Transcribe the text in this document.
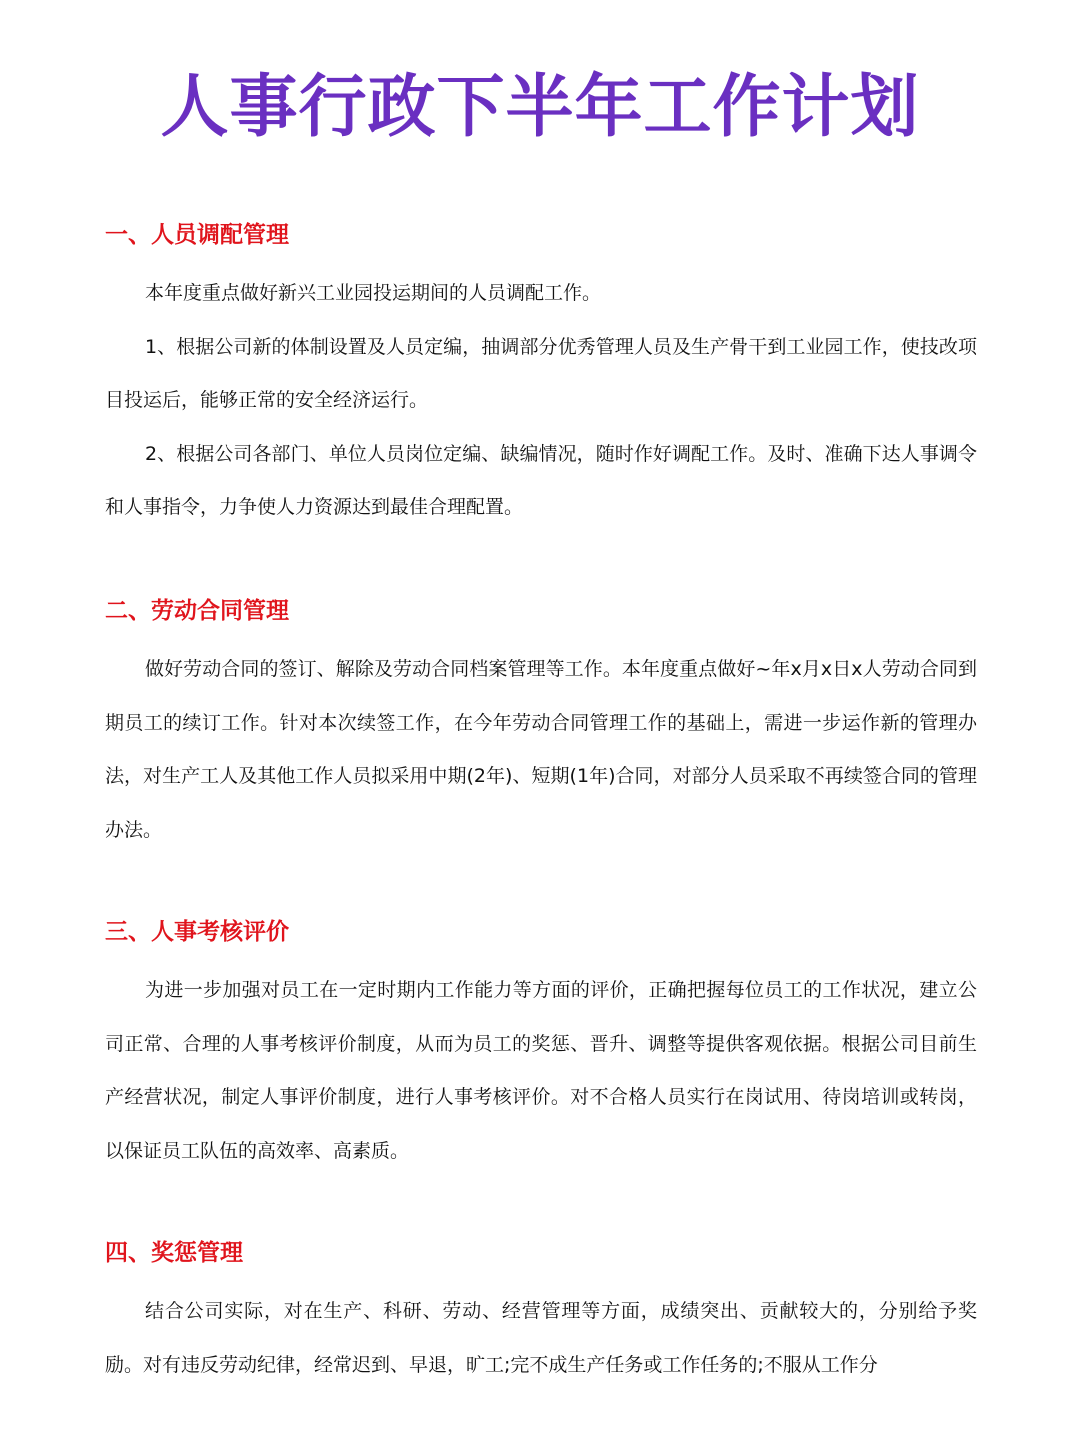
人事行政下半年工作计划
一、人员调配管理

本年度重点做好新兴工业园投运期间的人员调配工作。

1、根据公司新的体制设置及人员定编，抽调部分优秀管理人员及生产骨干到工业园工作，使技改项目投运后，能够正常的安全经济运行。

2、根据公司各部门、单位人员岗位定编、缺编情况，随时作好调配工作。及时、准确下达人事调令和人事指令，力争使人力资源达到最佳合理配置。

二、劳动合同管理

做好劳动合同的签订、解除及劳动合同档案管理等工作。本年度重点做好~年x月x日x人劳动合同到期员工的续订工作。针对本次续签工作，在今年劳动合同管理工作的基础上，需进一步运作新的管理办法，对生产工人及其他工作人员拟采用中期(2年)、短期(1年)合同，对部分人员采取不再续签合同的管理办法。

三、人事考核评价

为进一步加强对员工在一定时期内工作能力等方面的评价，正确把握每位员工的工作状况，建立公司正常、合理的人事考核评价制度，从而为员工的奖惩、晋升、调整等提供客观依据。根据公司目前生产经营状况，制定人事评价制度，进行人事考核评价。对不合格人员实行在岗试用、待岗培训或转岗，以保证员工队伍的高效率、高素质。

四、奖惩管理

结合公司实际，对在生产、科研、劳动、经营管理等方面，成绩突出、贡献较大的，分别给予奖励。对有违反劳动纪律，经常迟到、早退，旷工;完不成生产任务或工作任务的;不服从工作分
